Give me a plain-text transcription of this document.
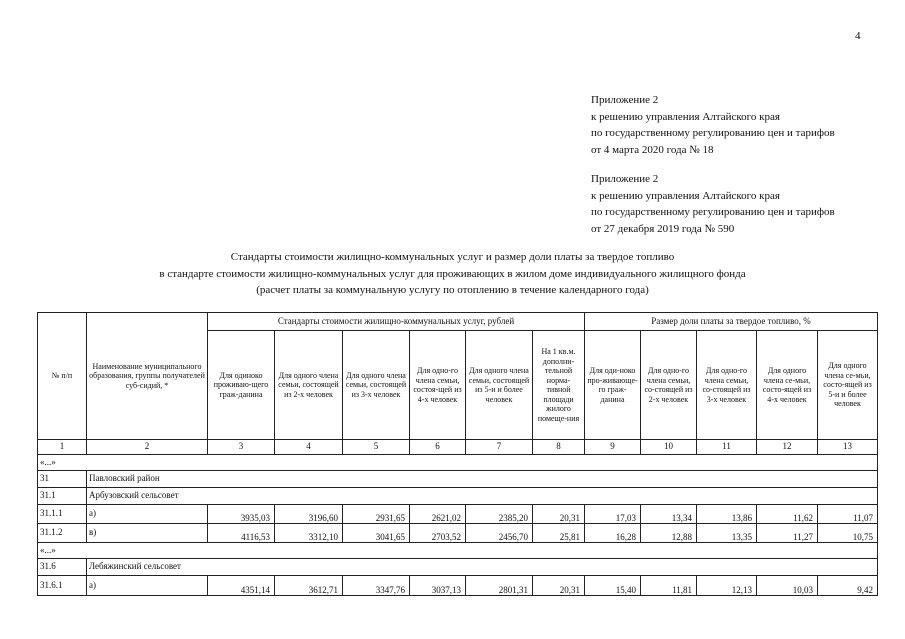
4
Приложение 2
к решению управления Алтайского края
по государственному регулированию цен и тарифов
от 4 марта 2020 года № 18
Приложение 2
к решению управления Алтайского края
по государственному регулированию цен и тарифов
от 27 декабря 2019 года № 590
Стандарты стоимости жилищно-коммунальных услуг и размер доли платы за твердое топливо
в стандарте стоимости жилищно-коммунальных услуг для проживающих в жилом доме индивидуального жилищного фонда
(расчет платы за коммунальную услугу по отоплению в течение календарного года)
№ п/п	Наименование муниципального образования, группы получателей суб-сидий, *	Стандарты стоимости жилищно-коммунальных услуг, рублей						Размер доли платы за твердое топливо, %				
		Для одиноко проживаю-щего граж-данина	Для одного члена семьи, состоящей из 2-х человек	Для одного члена семьи, состоящей из 3-х человек	Для одно-го члена семьи, состоя-щей из 4-х человек	Для одного члена семьи, состоящей из 5-и и более человек	На 1 кв.м. дополни-тельной норма-тивной площади жилого помеще-ния	Для оди-ноко про-живающе-го граж-данина	Для одно-го члена семьи, со-стоящей из 2-х человек	Для одно-го члена семьи, со-стоящей из 3-х человек	Для одного члена се-мьи, состо-ящей из 4-х человек	Для одного члена се-мьи, состо-ящей из 5-и и более человек
1	2	3	4	5	6	7	8	9	10	11	12	13
«...»												
31	Павловский район											
31.1	Арбузовский сельсовет											
31.1.1	а)	3935,03	3196,60	2931,65	2621,02	2385,20	20,31	17,03	13,34	13,86	11,62	11,07
31.1.2	в)	4116,53	3312,10	3041,65	2703,52	2456,70	25,81	16,28	12,88	13,35	11,27	10,75
«...»												
31.6	Лебяжинский сельсовет											
31.6.1	а)	4351,14	3612,71	3347,76	3037,13	2801,31	20,31	15,40	11,81	12,13	10,03	9,42
